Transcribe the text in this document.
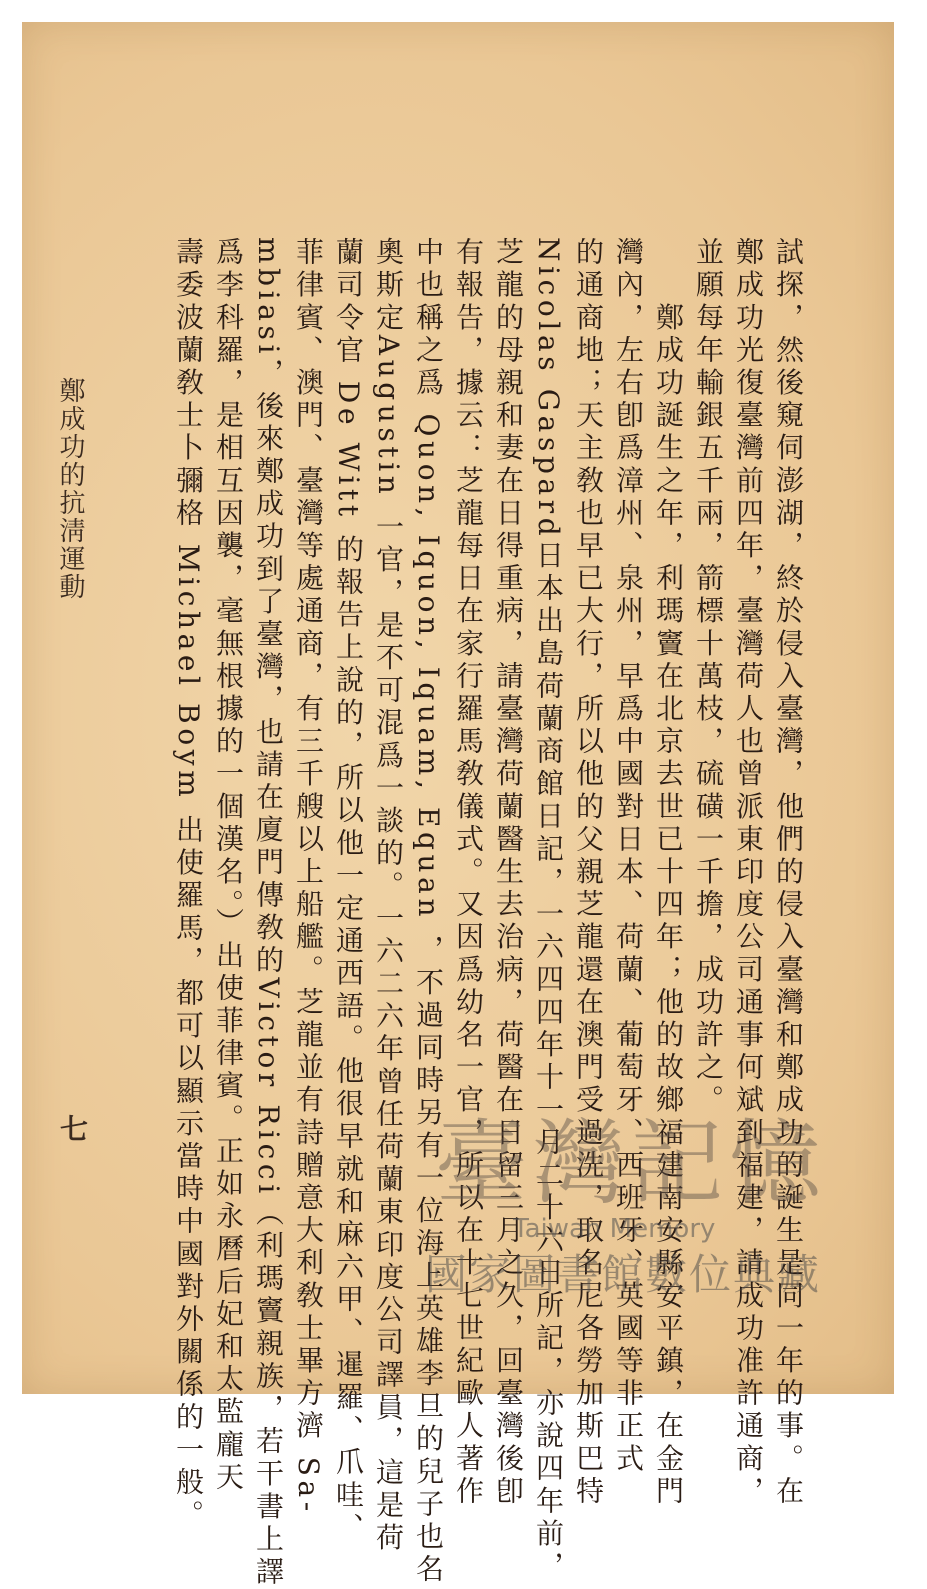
試探，然後窺伺澎湖，終於侵入臺灣，他們的侵入臺灣和鄭成功的誕生是同一年的事。在
鄭成功光復臺灣前四年，臺灣荷人也曾派東印度公司通事何斌到福建，請成功准許通商，
並願每年輸銀五千兩，箭標十萬枝，硫磺一千擔，成功許之。
　　鄭成功誕生之年，利瑪竇在北京去世已十四年；他的故鄉福建南安縣安平鎮，在金門
灣內，左右卽爲漳州、泉州，早爲中國對日本、荷蘭、葡萄牙、西班牙、英國等非正式
的通商地；天主敎也早已大行，所以他的父親芝龍還在澳門受過洗，取名尼各勞加斯巴特
Nicolas Gaspard日本出島荷蘭商館日記，一六四四年十一月二十六日所記，亦說四年前，
芝龍的母親和妻在日得重病，請臺灣荷蘭醫生去治病，荷醫在日留三月之久，回臺灣後卽
有報告，據云：芝龍每日在家行羅馬敎儀式。又因爲幼名一官，所以在十七世紀歐人著作
中也稱之爲 Quon, Iquon, Iquam, Equan ，不過同時另有一位海上英雄李旦的兒子也名
奧斯定Augustin 一官，是不可混爲一談的。一六二六年曾任荷蘭東印度公司譯員，這是荷
蘭司令官 De Witt 的報告上說的，所以他一定通西語。他很早就和麻六甲、暹羅、爪哇、
菲律賓、澳門、臺灣等處通商，有三千艘以上船艦。芝龍並有詩贈意大利敎士畢方濟 Sa-
mbiasi，後來鄭成功到了臺灣，也請在廈門傳敎的Victor Ricci（利瑪竇親族，若干書上譯
爲李科羅，是相互因襲，毫無根據的一個漢名。）出使菲律賓。正如永曆后妃和太監龐天
壽委波蘭敎士卜彌格 Michael Boym 出使羅馬，都可以顯示當時中國對外關係的一般。
鄭成功的抗淸運動
七	臺灣記憶
Taiwan Memory
國家圖書館數位典藏
